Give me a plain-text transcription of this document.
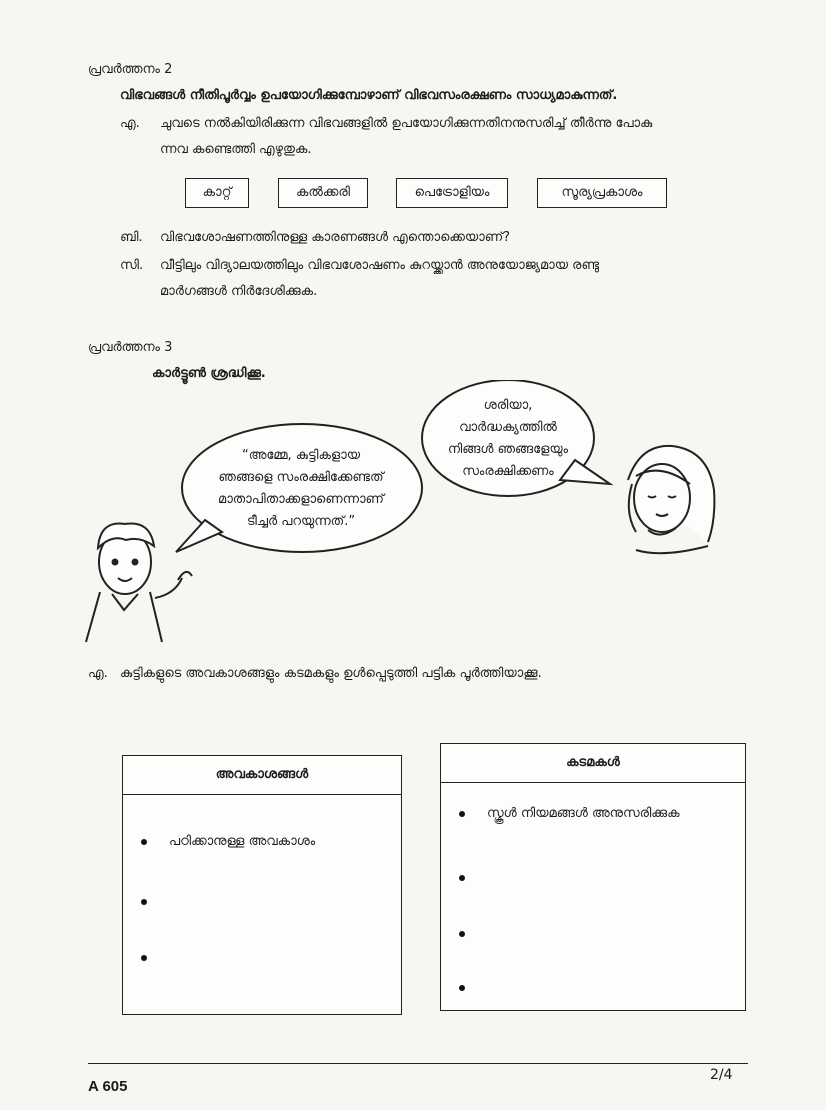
പ്രവർത്തനം 2
വിഭവങ്ങൾ നീതിപൂർവ്വം ഉപയോഗിക്കുമ്പോഴാണ് വിഭവസംരക്ഷണം സാധ്യമാകുന്നത്.
എ. ചുവടെ നൽകിയിരിക്കുന്ന വിഭവങ്ങളിൽ ഉപയോഗിക്കുന്നതിനനുസരിച്ച് തീർന്നു പോകു
ന്നവ കണ്ടെത്തി എഴുതുക.
കാറ്റ്	കൽക്കരി	പെട്രോളിയം	സൂര്യപ്രകാശം
ബി. വിഭവശോഷണത്തിനുള്ള കാരണങ്ങൾ എന്തൊക്കെയാണ്?
സി. വീട്ടിലും വിദ്യാലയത്തിലും വിഭവശോഷണം കുറയ്ക്കാൻ അനുയോജ്യമായ രണ്ടു
മാർഗങ്ങൾ നിർദേശിക്കുക.
പ്രവർത്തനം 3
കാർട്ടൂൺ ശ്രദ്ധിക്കൂ.
“അമ്മേ, കുട്ടികളായ
ഞങ്ങളെ സംരക്ഷിക്കേണ്ടത്
മാതാപിതാക്കളാണെന്നാണ്
ടീച്ചർ പറയുന്നത്.”
ശരിയാ,
വാർദ്ധക്യത്തിൽ
നിങ്ങൾ ഞങ്ങളേയും
സംരക്ഷിക്കണം
എ. കുട്ടികളുടെ അവകാശങ്ങളും കടമകളും ഉൾപ്പെടുത്തി പട്ടിക പൂർത്തിയാക്കൂ.
അവകാശങ്ങൾ
പഠിക്കാനുള്ള അവകാശം
കടമകൾ
സ്കൂൾ നിയമങ്ങൾ അനുസരിക്കുക
2/4
A 605
